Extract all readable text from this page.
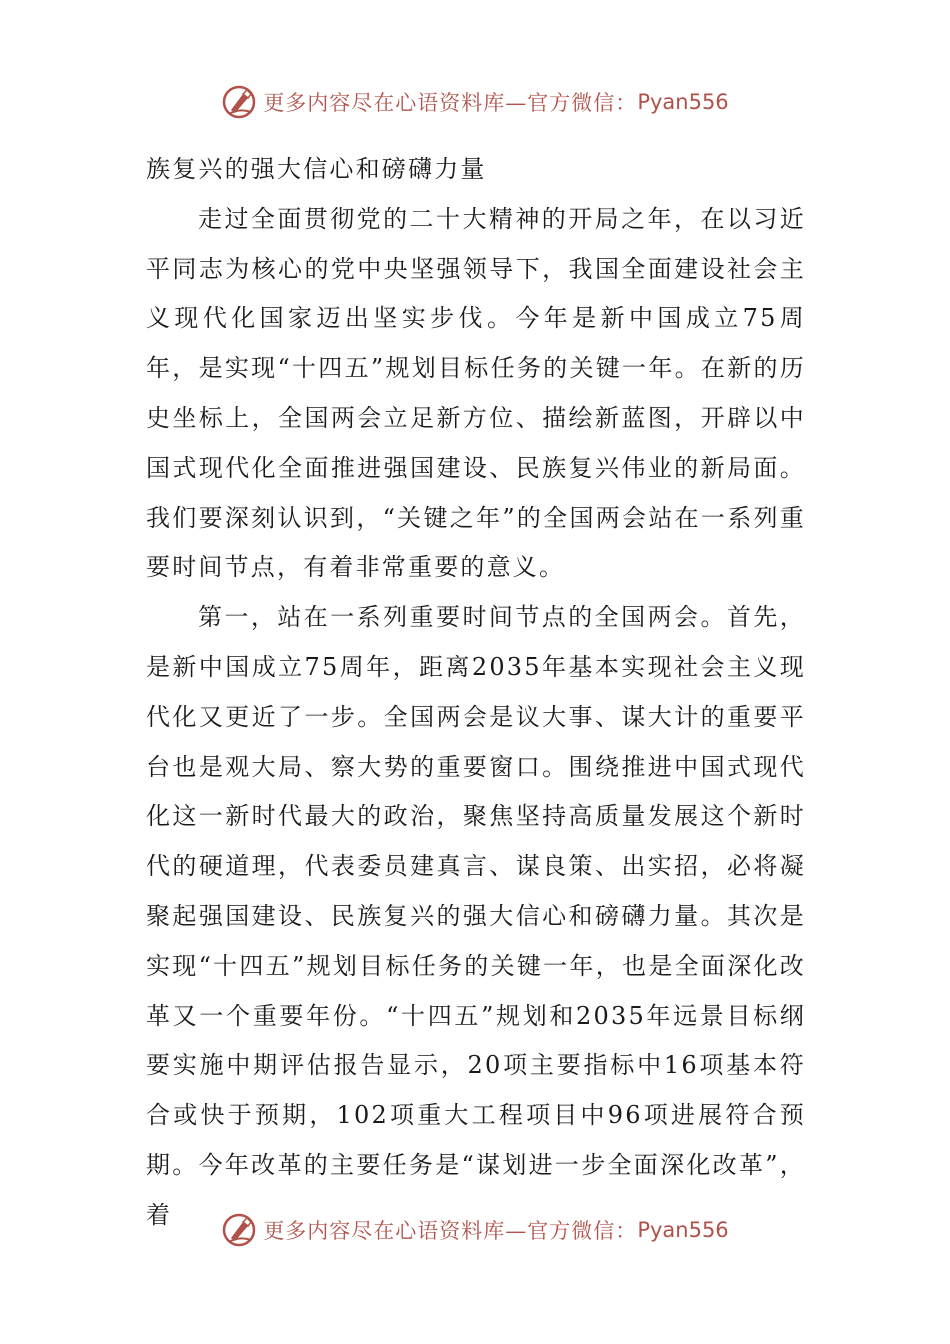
更多内容尽在心语资料库—官方微信： Pyan556

族复兴的强大信心和磅礴力量

走过全面贯彻党的二十大精神的开局之年，在以习近平同志为核心的党中央坚强领导下，我国全面建设社会主义现代化国家迈出坚实步伐。今年是新中国成立75周年，是实现“十四五”规划目标任务的关键一年。在新的历史坐标上，全国两会立足新方位、描绘新蓝图，开辟以中国式现代化全面推进强国建设、民族复兴伟业的新局面。我们要深刻认识到，“关键之年”的全国两会站在一系列重要时间节点，有着非常重要的意义。

第一，站在一系列重要时间节点的全国两会。首先，是新中国成立75周年，距离2035年基本实现社会主义现代化又更近了一步。全国两会是议大事、谋大计的重要平台也是观大局、察大势的重要窗口。围绕推进中国式现代化这一新时代最大的政治，聚焦坚持高质量发展这个新时代的硬道理，代表委员建真言、谋良策、出实招，必将凝聚起强国建设、民族复兴的强大信心和磅礴力量。其次是实现“十四五”规划目标任务的关键一年，也是全面深化改革又一个重要年份。“十四五”规划和2035年远景目标纲要实施中期评估报告显示，20项主要指标中16项基本符合或快于预期，102项重大工程项目中96项进展符合预期。今年改革的主要任务是“谋划进一步全面深化改革”，着

更多内容尽在心语资料库—官方微信： Pyan556
